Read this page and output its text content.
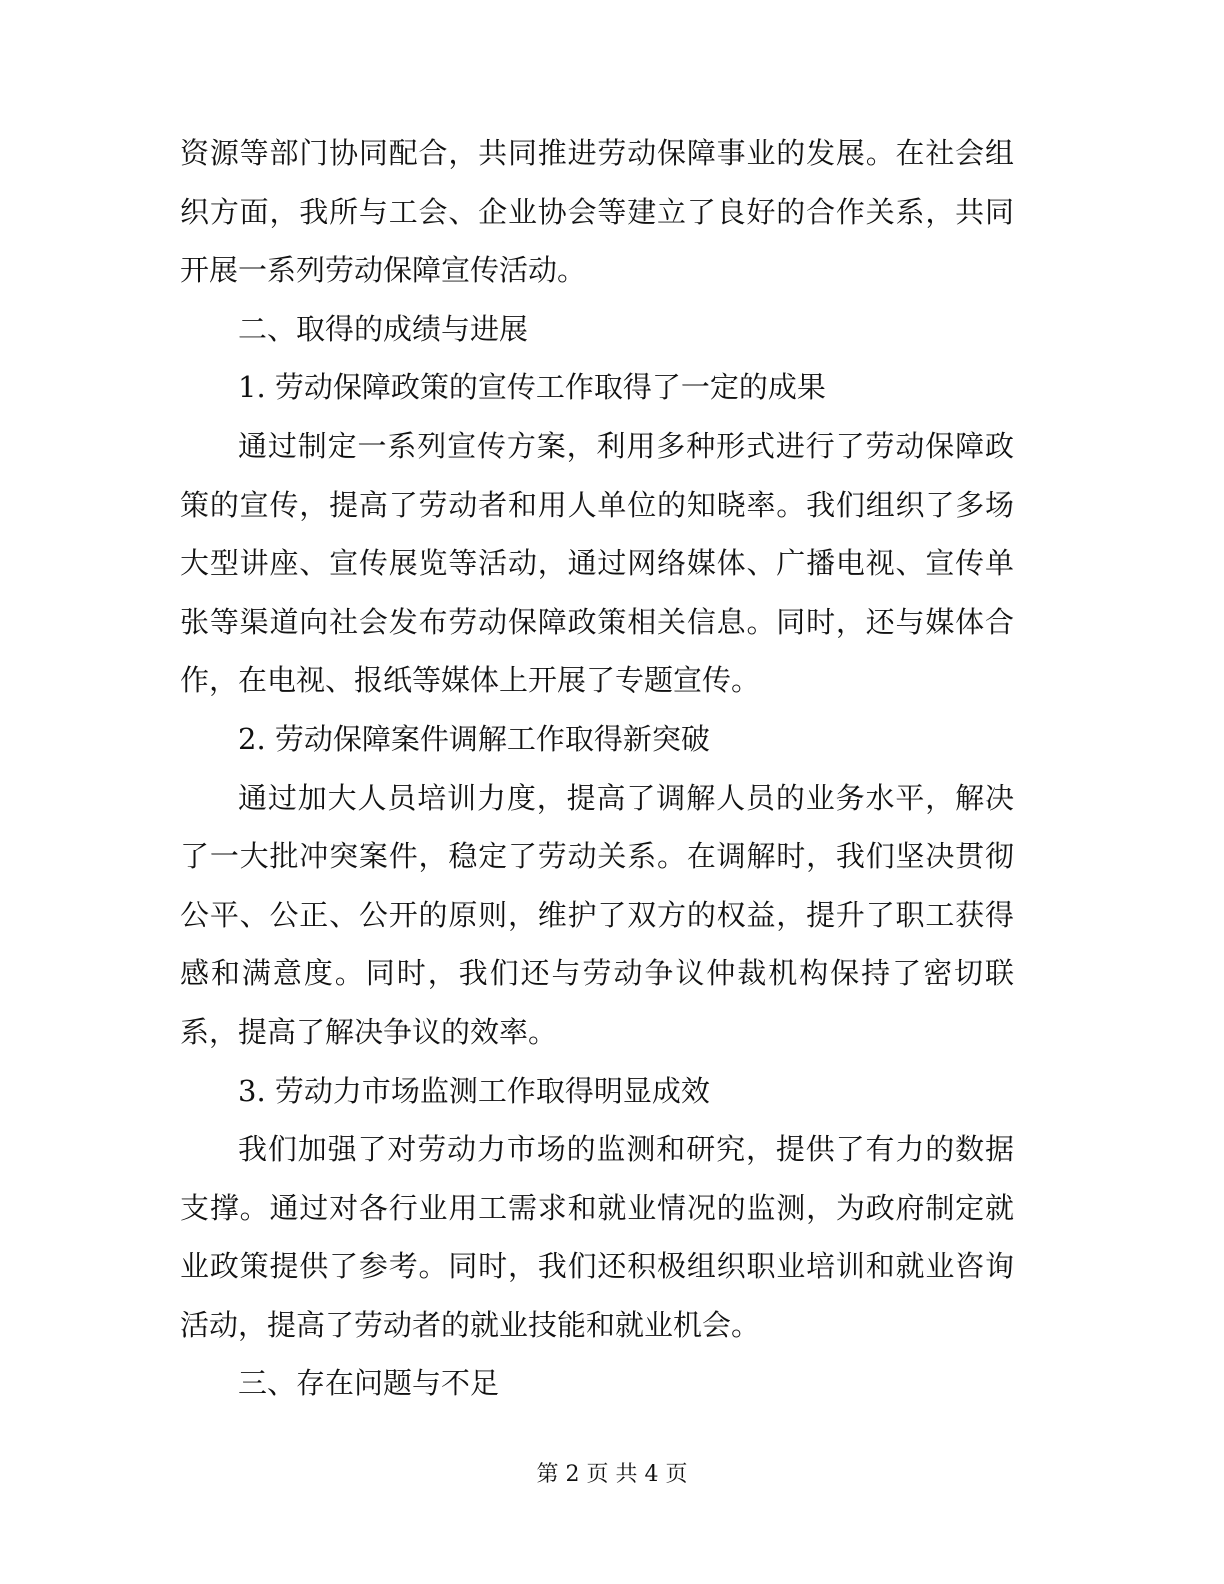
资源等部门协同配合，共同推进劳动保障事业的发展。在社会组
织方面，我所与工会、企业协会等建立了良好的合作关系，共同
开展一系列劳动保障宣传活动。
二、取得的成绩与进展
1. 劳动保障政策的宣传工作取得了一定的成果
通过制定一系列宣传方案，利用多种形式进行了劳动保障政
策的宣传，提高了劳动者和用人单位的知晓率。我们组织了多场
大型讲座、宣传展览等活动，通过网络媒体、广播电视、宣传单
张等渠道向社会发布劳动保障政策相关信息。同时，还与媒体合
作，在电视、报纸等媒体上开展了专题宣传。
2. 劳动保障案件调解工作取得新突破
通过加大人员培训力度，提高了调解人员的业务水平，解决
了一大批冲突案件，稳定了劳动关系。在调解时，我们坚决贯彻
公平、公正、公开的原则，维护了双方的权益，提升了职工获得
感和满意度。同时，我们还与劳动争议仲裁机构保持了密切联
系，提高了解决争议的效率。
3. 劳动力市场监测工作取得明显成效
我们加强了对劳动力市场的监测和研究，提供了有力的数据
支撑。通过对各行业用工需求和就业情况的监测，为政府制定就
业政策提供了参考。同时，我们还积极组织职业培训和就业咨询
活动，提高了劳动者的就业技能和就业机会。
三、存在问题与不足
第 2 页 共 4 页
